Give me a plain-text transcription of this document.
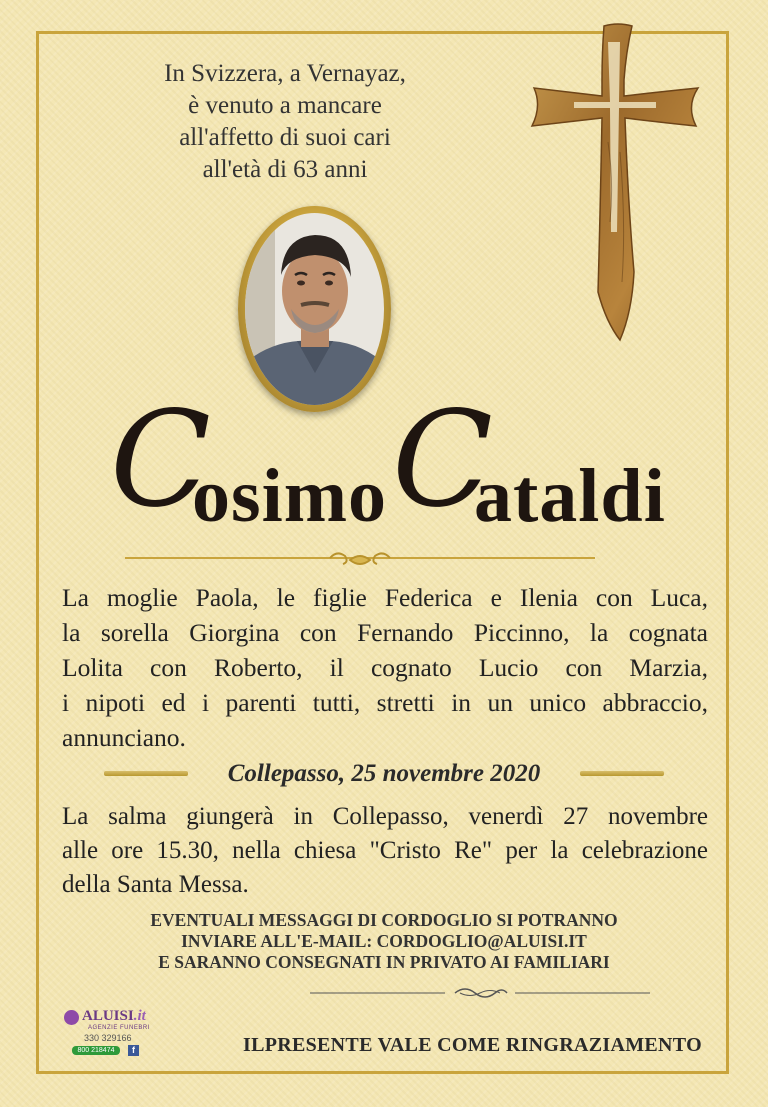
In Svizzera, a Vernayaz,
è venuto a mancare
all'affetto di suoi cari
all'età di 63 anni
C
osimo C
ataldi
La moglie Paola, le figlie Federica e Ilenia con Luca,
la sorella Giorgina con Fernando Piccinno, la cognata
Lolita con Roberto, il cognato Lucio con Marzia,
i nipoti ed i parenti tutti, stretti in un unico abbraccio,
annunciano.
Collepasso, 25 novembre 2020
La salma giungerà in Collepasso, venerdì 27 novembre
alle ore 15.30, nella chiesa "Cristo Re" per la celebrazione
della Santa Messa.
EVENTUALI MESSAGGI DI CORDOGLIO SI POTRANNO
INVIARE ALL'E-MAIL: CORDOGLIO@ALUISI.IT
E SARANNO CONSEGNATI IN PRIVATO AI FAMILIARI
ALUISI.it
AGENZIE FUNEBRI
330 329166
800 218474	f	ILPRESENTE VALE COME RINGRAZIAMENTO
